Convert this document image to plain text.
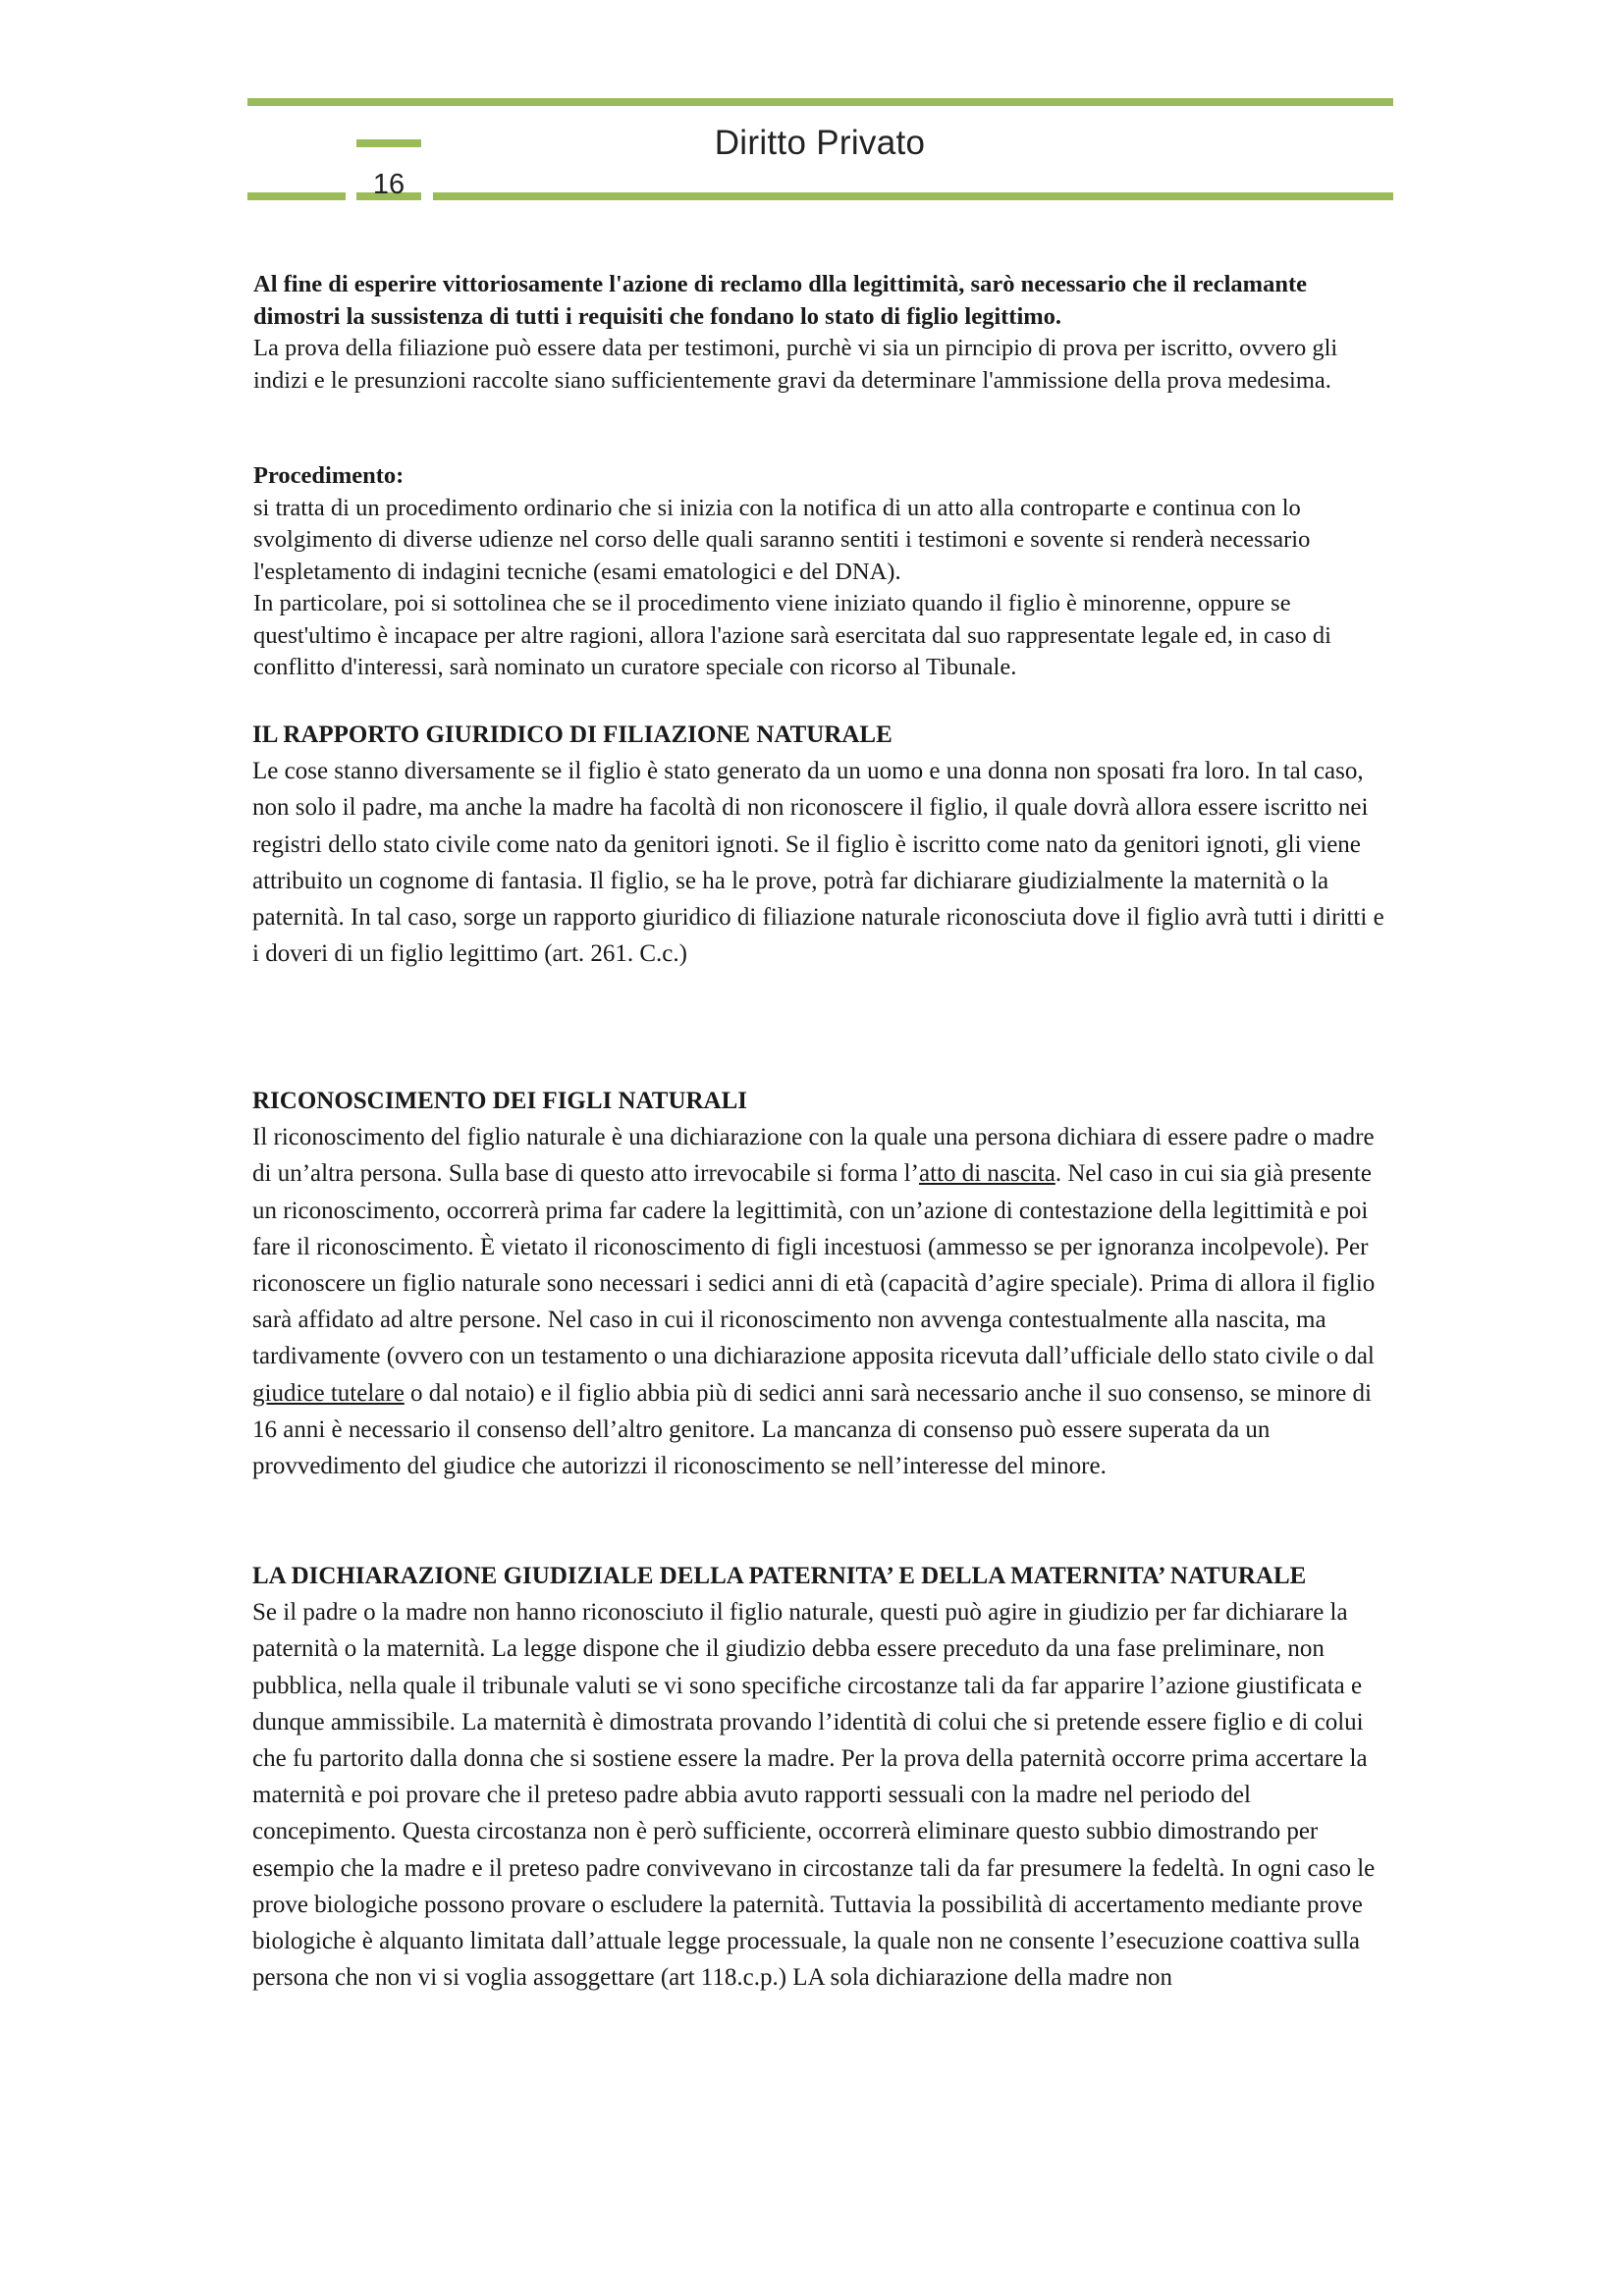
Diritto Privato
16

Al fine di esperire vittoriosamente l'azione di reclamo dlla legittimità, sarò necessario che il reclamante dimostri la sussistenza di tutti i requisiti che fondano lo stato di figlio legittimo.

La prova della filiazione può essere data per testimoni, purchè vi sia un pirncipio di prova per iscritto, ovvero gli indizi e le presunzioni raccolte siano sufficientemente gravi da determinare l'ammissione della prova medesima.

Procedimento:

si tratta di un procedimento ordinario che si inizia con la notifica di un atto alla controparte e continua con lo svolgimento di diverse udienze nel corso delle quali saranno sentiti i testimoni e sovente si renderà necessario l'espletamento di indagini tecniche (esami ematologici e del DNA).

In particolare, poi si sottolinea che se il procedimento viene iniziato quando il figlio è minorenne, oppure se quest'ultimo è incapace per altre ragioni, allora l'azione sarà esercitata dal suo rappresentate legale ed, in caso di conflitto d'interessi, sarà nominato un curatore speciale con ricorso al Tibunale.

IL RAPPORTO GIURIDICO DI FILIAZIONE NATURALE

Le cose stanno diversamente se il figlio è stato generato da un uomo e una donna non sposati fra loro. In tal caso, non solo il padre, ma anche la madre ha facoltà di non riconoscere il figlio, il quale dovrà allora essere iscritto nei registri dello stato civile come nato da genitori ignoti. Se il figlio è iscritto come nato da genitori ignoti, gli viene attribuito un cognome di fantasia. Il figlio, se ha le prove, potrà far dichiarare giudizialmente la maternità o la paternità. In tal caso, sorge un rapporto giuridico di filiazione naturale riconosciuta dove il figlio avrà tutti i diritti e i doveri di un figlio legittimo (art. 261. C.c.)

RICONOSCIMENTO DEI FIGLI NATURALI

Il riconoscimento del figlio naturale è una dichiarazione con la quale una persona dichiara di essere padre o madre di un’altra persona. Sulla base di questo atto irrevocabile si forma l’atto di nascita. Nel caso in cui sia già presente un riconoscimento, occorrerà prima far cadere la legittimità, con un’azione di contestazione della legittimità e poi fare il riconoscimento. È vietato il riconoscimento di figli incestuosi (ammesso se per ignoranza incolpevole). Per riconoscere un figlio naturale sono necessari i sedici anni di età (capacità d’agire speciale). Prima di allora il figlio sarà affidato ad altre persone. Nel caso in cui il riconoscimento non avvenga contestualmente alla nascita, ma tardivamente (ovvero con un testamento o una dichiarazione apposita ricevuta dall’ufficiale dello stato civile o dal giudice tutelare o dal notaio) e il figlio abbia più di sedici anni sarà necessario anche il suo consenso, se minore di 16 anni è necessario il consenso dell’altro genitore. La mancanza di consenso può essere superata da un provvedimento del giudice che autorizzi il riconoscimento se nell’interesse del minore.

LA DICHIARAZIONE GIUDIZIALE DELLA PATERNITA’ E DELLA MATERNITA’ NATURALE

Se il padre o la madre non hanno riconosciuto il figlio naturale, questi può agire in giudizio per far dichiarare la paternità o la maternità. La legge dispone che il giudizio debba essere preceduto da una fase preliminare, non pubblica, nella quale il tribunale valuti se vi sono specifiche circostanze tali da far apparire l’azione giustificata e dunque ammissibile. La maternità è dimostrata provando l’identità di colui che si pretende essere figlio e di colui che fu partorito dalla donna che si sostiene essere la madre. Per la prova della paternità occorre prima accertare la maternità e poi provare che il preteso padre abbia avuto rapporti sessuali con la madre nel periodo del concepimento. Questa circostanza non è però sufficiente, occorrerà eliminare questo subbio dimostrando per esempio che la madre e il preteso padre convivevano in circostanze tali da far presumere la fedeltà. In ogni caso le prove biologiche possono provare o escludere la paternità. Tuttavia la possibilità di accertamento mediante prove biologiche è alquanto limitata dall’attuale legge processuale, la quale non ne consente l’esecuzione coattiva sulla persona che non vi si voglia assoggettare (art 118.c.p.) LA sola dichiarazione della madre non
